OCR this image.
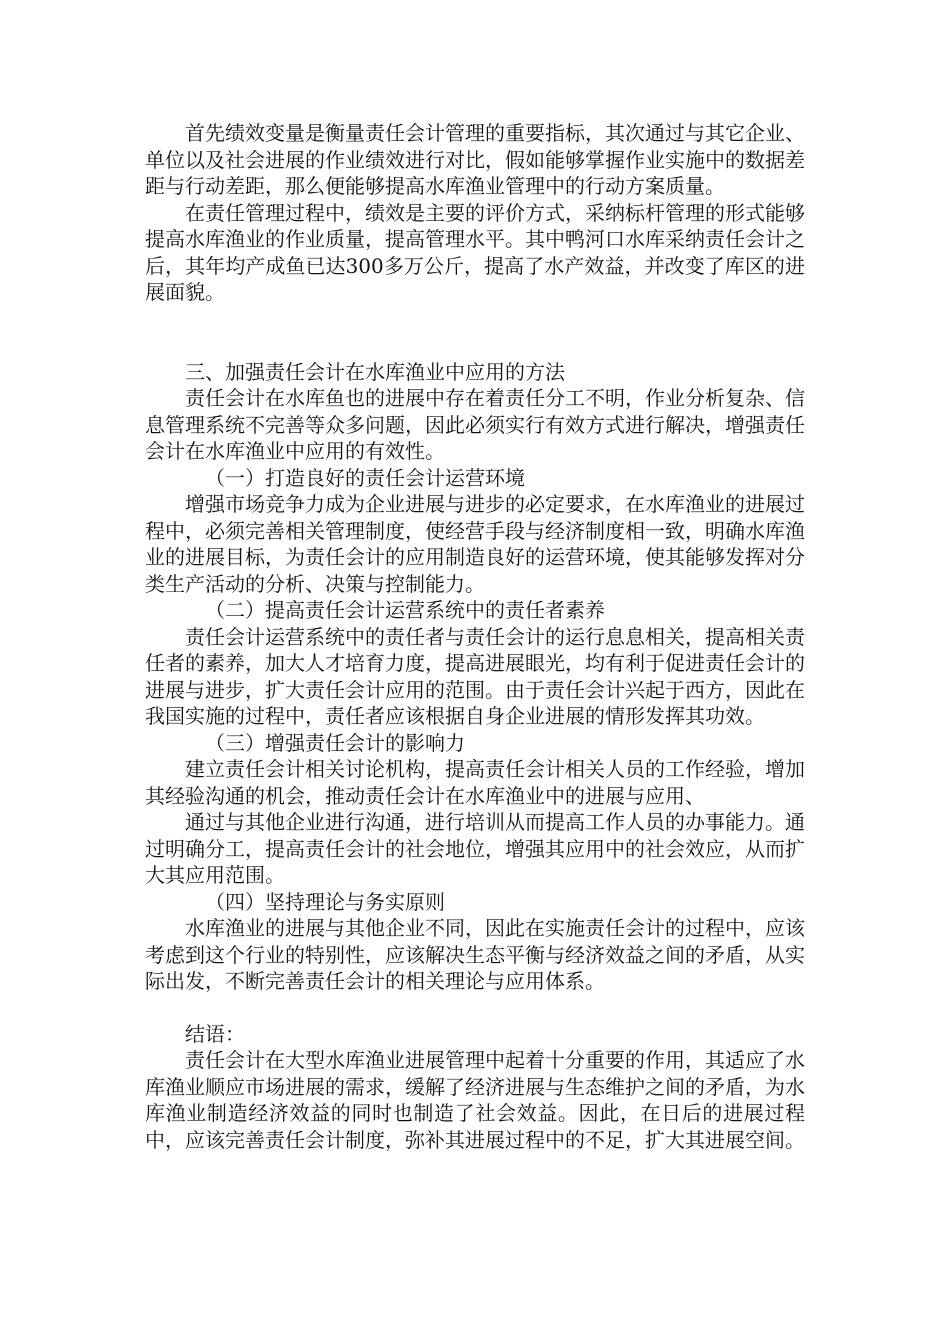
首先绩效变量是衡量责任会计管理的重要指标，其次通过与其它企业、单位以及社会进展的作业绩效进行对比，假如能够掌握作业实施中的数据差距与行动差距，那么便能够提高水库渔业管理中的行动方案质量。

在责任管理过程中，绩效是主要的评价方式，采纳标杆管理的形式能够提高水库渔业的作业质量，提高管理水平。其中鸭河口水库采纳责任会计之后，其年均产成鱼已达300多万公斤，提高了水产效益，并改变了库区的进展面貌。

三、加强责任会计在水库渔业中应用的方法

责任会计在水库鱼也的进展中存在着责任分工不明，作业分析复杂、信息管理系统不完善等众多问题，因此必须实行有效方式进行解决，增强责任会计在水库渔业中应用的有效性。

（一）打造良好的责任会计运营环境

增强市场竞争力成为企业进展与进步的必定要求，在水库渔业的进展过程中，必须完善相关管理制度，使经营手段与经济制度相一致，明确水库渔业的进展目标，为责任会计的应用制造良好的运营环境，使其能够发挥对分类生产活动的分析、决策与控制能力。

（二）提高责任会计运营系统中的责任者素养

责任会计运营系统中的责任者与责任会计的运行息息相关，提高相关责任者的素养，加大人才培育力度，提高进展眼光，均有利于促进责任会计的进展与进步，扩大责任会计应用的范围。由于责任会计兴起于西方，因此在我国实施的过程中，责任者应该根据自身企业进展的情形发挥其功效。

（三）增强责任会计的影响力

建立责任会计相关讨论机构，提高责任会计相关人员的工作经验，增加其经验沟通的机会，推动责任会计在水库渔业中的进展与应用、

通过与其他企业进行沟通，进行培训从而提高工作人员的办事能力。通过明确分工，提高责任会计的社会地位，增强其应用中的社会效应，从而扩大其应用范围。

（四）坚持理论与务实原则

水库渔业的进展与其他企业不同，因此在实施责任会计的过程中，应该考虑到这个行业的特别性，应该解决生态平衡与经济效益之间的矛盾，从实际出发，不断完善责任会计的相关理论与应用体系。

结语：

责任会计在大型水库渔业进展管理中起着十分重要的作用，其适应了水库渔业顺应市场进展的需求，缓解了经济进展与生态维护之间的矛盾，为水库渔业制造经济效益的同时也制造了社会效益。因此，在日后的进展过程中，应该完善责任会计制度，弥补其进展过程中的不足，扩大其进展空间。
